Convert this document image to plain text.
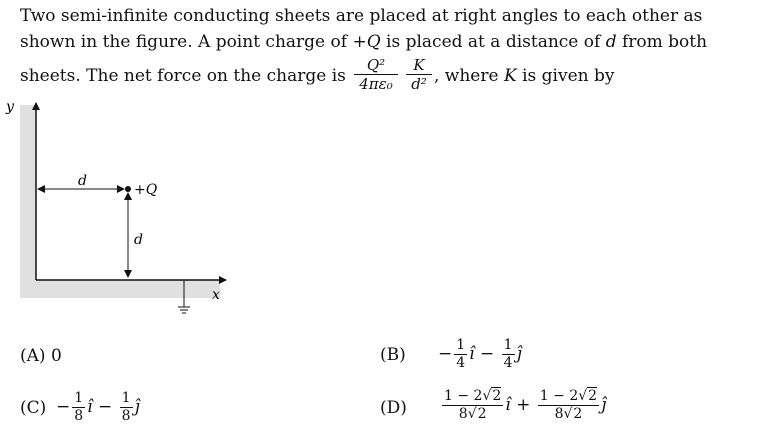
Two semi-infinite conducting sheets are placed at right angles to each other as
shown in the figure. A point charge of +Q is placed at a distance of d from both
sheets. The net force on the charge is
Q²
4πε₀
K
d² , where K is given by
y
x
d
d
+Q
(A) 0	$(B) - \frac{1}{4}$ î − $\frac{1}{4}$ ĵ
$(C) - \frac{1}{8}$ î − $\frac{1}{8}$ ĵ	(D)	$\frac{1 - 2√2}{8√2}$ î + $\frac{1 - 2√2}{8√2}$ ĵ
